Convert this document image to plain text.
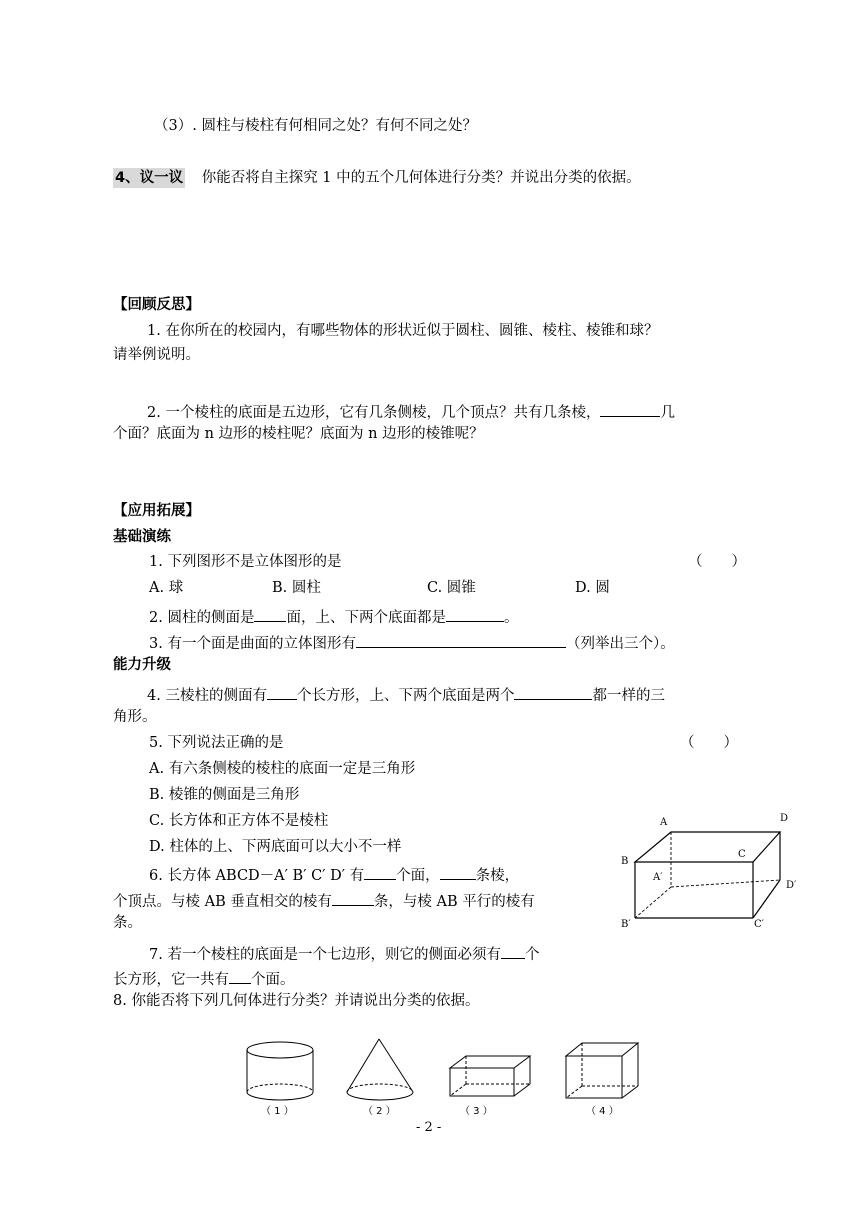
（3）. 圆柱与棱柱有何相同之处？有何不同之处？
4、议一议 你能否将自主探究 1 中的五个几何体进行分类？并说出分类的依据。
【回顾反思】
1. 在你所在的校园内，有哪些物体的形状近似于圆柱、圆锥、棱柱、棱锥和球？
请举例说明。
2. 一个棱柱的底面是五边形，它有几条侧棱，几个顶点？共有几条棱，	几
个面？底面为 n 边形的棱柱呢？底面为 n 边形的棱锥呢？
【应用拓展】
基础演练
1. 下列图形不是立体图形的是	（　　）
A. 球	B. 圆柱	C. 圆锥	D. 圆
2. 圆柱的侧面是 面，上、下两个底面都是	。
3. 有一个面是曲面的立体图形有	（列举出三个）。
能力升级
4. 三棱柱的侧面有 个长方形，上、下两个底面是两个	都一样的三
角形。
5. 下列说法正确的是	（　　）
A. 有六条侧棱的棱柱的底面一定是三角形
B. 棱锥的侧面是三角形
C. 长方体和正方体不是棱柱
D. 柱体的上、下两底面可以大小不一样
6. 长方体 ABCD－A′ B′ C′ D′ 有 个面， 条棱，
个顶点。与棱 AB 垂直相交的棱有	条，与棱 AB 平行的棱有
条。
7. 若一个棱柱的底面是一个七边形，则它的侧面必须有 个
长方形，它一共有 个面。
8. 你能否将下列几何体进行分类？并请说出分类的依据。
A	D
B
C
A′
D′
B′	C′
（ 1 ）	（ 2 ）	（ 3 ）	（ 4 ）
- 2 -
